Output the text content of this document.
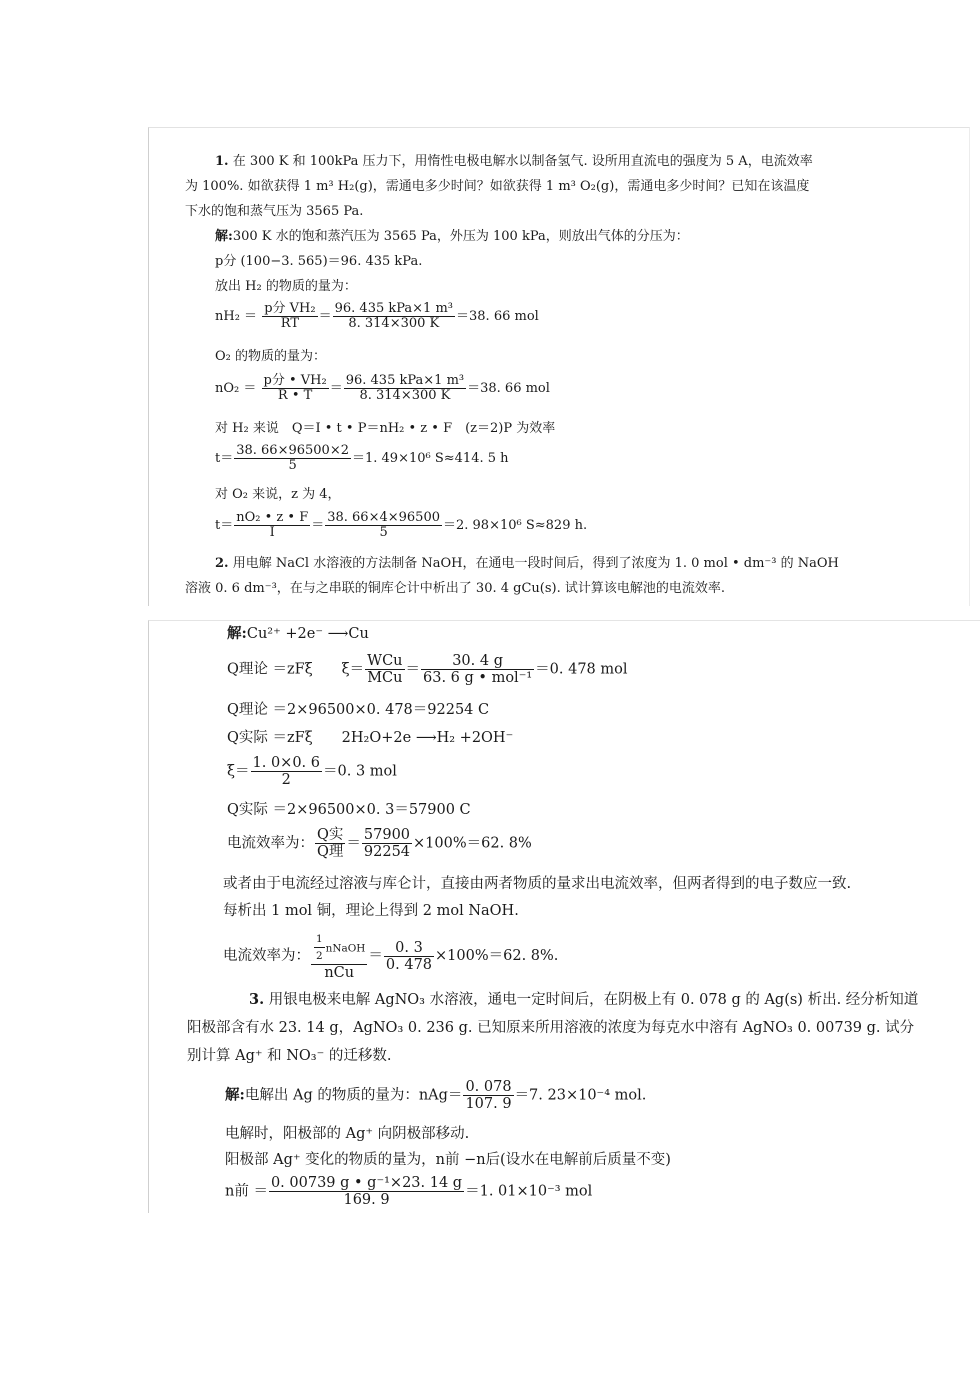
1. 在 300 K 和 100kPa 压力下，用惰性电极电解水以制备氢气. 设所用直流电的强度为 5 A，电流效率
为 100%. 如欲获得 1 m³ H₂(g)，需通电多少时间？如欲获得 1 m³ O₂(g)，需通电多少时间？已知在该温度
下水的饱和蒸气压为 3565 Pa.
解:300 K 水的饱和蒸汽压为 3565 Pa，外压为 100 kPa，则放出气体的分压为：
p分 (100−3. 565)＝96. 435 kPa.
放出 H₂ 的物质的量为：
$nH_2 = \frac{\text{p分 VH₂}}{RT} = \frac{\text{96. 435 kPa×1 m³}}{8. 314\times 300 K} =38$. 66 mol
O₂ 的物质的量为：
$nO_2 = \frac{\text{p分 • VH₂}}{R • T} = \frac{\text{96. 435 kPa×1 m³}}{8. 314\times 300 K} =38$. 66 mol
对 H₂ 来说　Q＝I • t • P＝nH₂ • z • F　(z＝2)P 为效率
$t= \frac{38. 66\times 96500\times 2}{5} =1$. 49×10⁶ S≈414. 5 h
对 O₂ 来说，z 为 4，
$t= \frac{\text{nO₂ • z • F}}{I} = \frac{38. 66\times 4\times 96500}{5} =2$. 98×10⁶ S≈829 h.
2. 用电解 NaCl 水溶液的方法制备 NaOH，在通电一段时间后，得到了浓度为 1. 0 mol • dm⁻³ 的 NaOH
溶液 0. 6 dm⁻³，在与之串联的铜库仑计中析出了 30. 4 gCu(s). 试计算该电解池的电流效率.
解:Cu²⁺ +2e⁻ ⟶Cu
Q理论 ＝zFξ　　$\xi= \frac{\text{WCu}}{\text{MCu}} = \frac{30. 4 g}{\text{63. 6 g • mol⁻¹}} =0$. 478 mol
Q理论 ＝2×96500×0. 478＝92254 C
Q实际 ＝zFξ　　2H₂O+2e ⟶H₂ +2OH⁻
$\xi= \frac{1. 0\times 0. 6}{2} =0$. 3 mol
Q实际 ＝2×96500×0. 3＝57900 C
电流效率为： $\frac{\text{Q实}}{\text{Q理}} = \frac{57900}{92254} \times 100\%=62$. 8%
或者由于电流经过溶液与库仑计，直接由两者物质的量求出电流效率，但两者得到的电子数应一致.
每析出 1 mol 铜，理论上得到 2 mol NaOH.
电流效率为： $\frac{\frac{1}{2} nNaOH}{\text{nCu}} = \frac{0. 3}{0. 478} \times 100\%=62$. 8%.
3. 用银电极来电解 AgNO₃ 水溶液，通电一定时间后，在阴极上有 0. 078 g 的 Ag(s) 析出. 经分析知道
阳极部含有水 23. 14 g，AgNO₃ 0. 236 g. 已知原来所用溶液的浓度为每克水中溶有 AgNO₃ 0. 00739 g. 试分
别计算 Ag⁺ 和 NO₃⁻ 的迁移数.
解:电解出 Ag 的物质的量为：$nAg= \frac{0. 078}{107. 9} =7$. 23×10⁻⁴ mol.
电解时，阳极部的 Ag⁺ 向阴极部移动.
阳极部 Ag⁺ 变化的物质的量为，n前 −n后(设水在电解前后质量不变)
n前 ＝ $\frac{\text{0. 00739 g • g⁻¹×23. 14 g}}{169. 9} =1$. 01×10⁻³ mol
